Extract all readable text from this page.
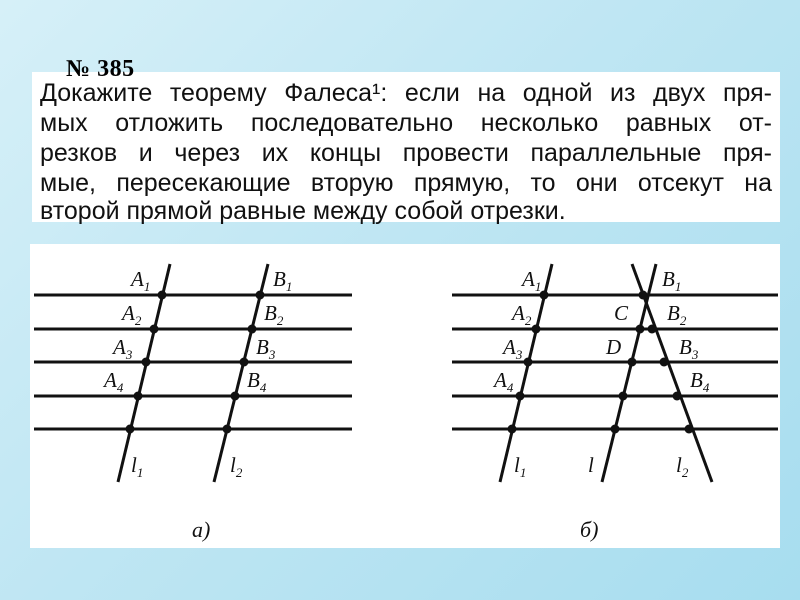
Докажите теорему Фалеса¹: если на одной из двух пря-
мых отложить последовательно несколько равных от-
резков и через их концы провести параллельные пря-
мые, пересекающие вторую прямую, то они отсекут на
второй прямой равные между собой отрезки.
№ 385
$A_1$
$A_2$
$A_3$
$A_4$
$B_1$
$B_2$
$B_3$
$B_4$
$l_1$	$l_2$
а)
$A_1$
$A_2$
$A_3$
$A_4$
$B_1$
$B_2$
$B_3$
$B_4$
C
D
$l_1$	l	$l_2$
б)
